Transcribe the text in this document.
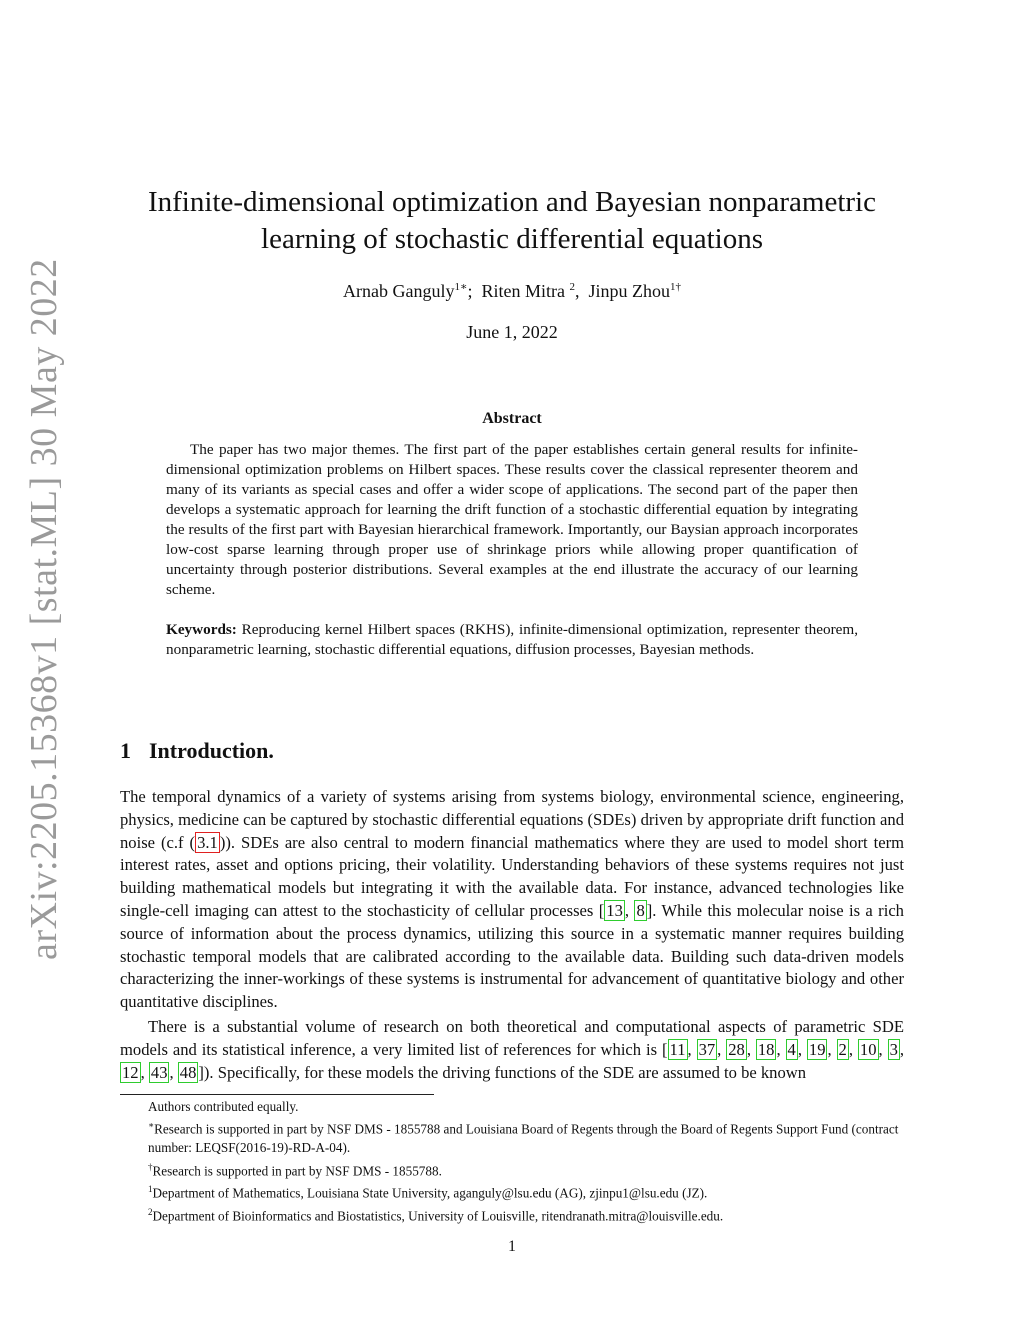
arXiv:2205.15368v1 [stat.ML] 30 May 2022
Infinite-dimensional optimization and Bayesian nonparametric
learning of stochastic differential equations
Arnab Ganguly$^{1∗}$; Riten Mitra $^2$, Jinpu Zhou$^{1\dagger}$
June 1, 2022
Abstract

The paper has two major themes. The first part of the paper establishes certain general results for infinite-dimensional optimization problems on Hilbert spaces. These results cover the classical representer theorem and many of its variants as special cases and offer a wider scope of applications. The second part of the paper then develops a systematic approach for learning the drift function of a stochastic differential equation by integrating the results of the first part with Bayesian hierarchical framework. Importantly, our Baysian approach incorporates low-cost sparse learning through proper use of shrinkage priors while allowing proper quantification of uncertainty through posterior distributions. Several examples at the end illustrate the accuracy of our learning scheme.

Keywords: Reproducing kernel Hilbert spaces (RKHS), infinite-dimensional optimization, representer theorem, nonparametric learning, stochastic differential equations, diffusion processes, Bayesian methods.

1 Introduction.

The temporal dynamics of a variety of systems arising from systems biology, environmental science, engineering, physics, medicine can be captured by stochastic differential equations (SDEs) driven by appropriate drift function and noise (c.f ( 3.1 )). SDEs are also central to modern financial mathematics where they are used to model short term interest rates, asset and options pricing, their volatility. Understanding behaviors of these systems requires not just building mathematical models but integrating it with the available data. For instance, advanced technologies like single-cell imaging can attest to the stochasticity of cellular processes [ 13 , 8 ]. While this molecular noise is a rich source of information about the process dynamics, utilizing this source in a systematic manner requires building stochastic temporal models that are calibrated according to the available data. Building such data-driven models characterizing the inner-workings of these systems is instrumental for advancement of quantitative biology and other quantitative disciplines.

There is a substantial volume of research on both theoretical and computational aspects of parametric SDE models and its statistical inference, a very limited list of references for which is [ 11 , 37 , 28 , 18 , 4 , 19 , 2 , 10 , 3 , 12 , 43 , 48 ]). Specifically, for these models the driving functions of the SDE are assumed to be known

Authors contributed equally.

∗Research is supported in part by NSF DMS - 1855788 and Louisiana Board of Regents through the Board of Regents Support Fund (contract number: LEQSF(2016-19)-RD-A-04).

†Research is supported in part by NSF DMS - 1855788.

$^1$Department of Mathematics, Louisiana State University, aganguly@lsu.edu (AG), zjinpu1@lsu.edu (JZ).

$^2$Department of Bioinformatics and Biostatistics, University of Louisville, ritendranath.mitra@louisville.edu.

1
